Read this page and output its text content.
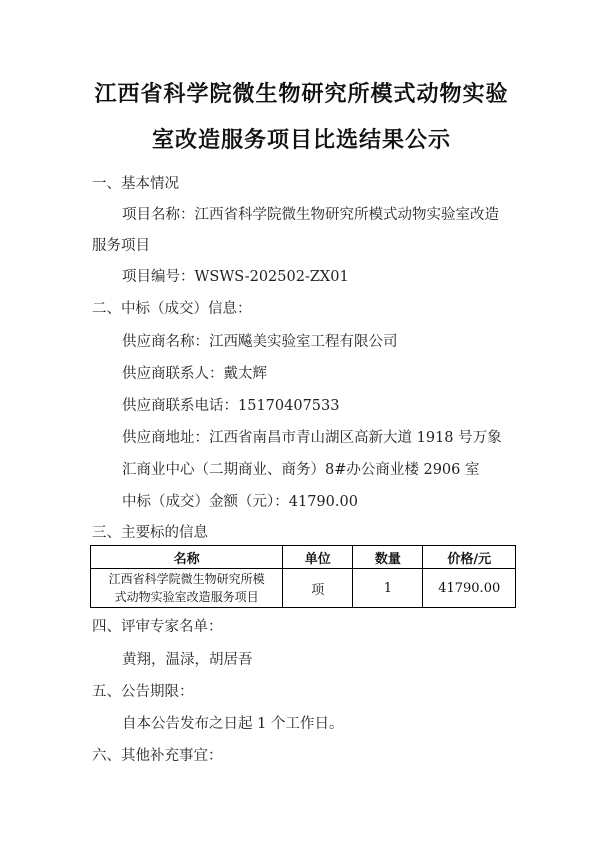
江西省科学院微生物研究所模式动物实验
室改造服务项目比选结果公示
一、基本情况
项目名称：江西省科学院微生物研究所模式动物实验室改造
服务项目
项目编号：WSWS-202502-ZX01
二、中标（成交）信息：
供应商名称：江西飚美实验室工程有限公司
供应商联系人：戴太辉
供应商联系电话：15170407533
供应商地址：江西省南昌市青山湖区高新大道 1918 号万象
汇商业中心（二期商业、商务）8#办公商业楼 2906 室
中标（成交）金额（元）：41790.00
三、主要标的信息
名称	单位	数量	价格/元

江西省科学院微生物研究所模
式动物实验室改造服务项目	项	1	41790.00
四、评审专家名单：
黄翔，温渌，胡居吾
五、公告期限：
自本公告发布之日起 1 个工作日。
六、其他补充事宜：
